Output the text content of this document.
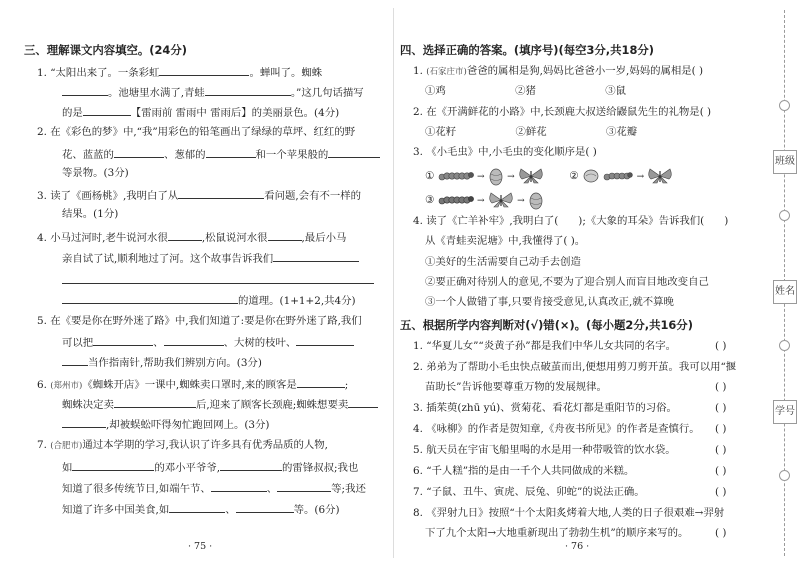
三、理解课文内容填空。(24分)
1. “太阳出来了。一条彩虹	。蝉叫了。蜘蛛
。池塘里水满了,青蛙	。”这几句话描写
的是	【雷雨前 雷雨中 雷雨后】的美丽景色。(4分)
2. 在《彩色的梦》中,“我”用彩色的铅笔画出了绿绿的草坪、红红的野
花、蓝蓝的	、葱郁的	和一个苹果般的
等景物。(3分)
3. 读了《画杨桃》,我明白了从	看问题,会有不一样的
结果。(1分)
4. 小马过河时,老牛说河水很	,松鼠说河水很	,最后小马
亲自试了试,顺利地过了河。这个故事告诉我们
的道理。(1+1+2,共4分)
5. 在《要是你在野外迷了路》中,我们知道了:要是你在野外迷了路,我们
可以把	、	、大树的枝叶、
当作指南针,帮助我们辨别方向。(3分)
6. (郑州市)《蜘蛛开店》一课中,蜘蛛卖口罩时,来的顾客是	;
蜘蛛决定卖	后,迎来了顾客长颈鹿;蜘蛛想要卖
,却被蜈蚣吓得匆忙跑回网上。(3分)
7. (合肥市)通过本学期的学习,我认识了许多具有优秀品质的人物,
如	的邓小平爷爷,	的雷锋叔叔;我也
知道了很多传统节日,如端午节、	、	等;我还
知道了许多中国美食,如	、	等。(6分)
· 75 ·
四、选择正确的答案。(填序号)(每空3分,共18分)
1. (石家庄市)爸爸的属相是狗,妈妈比爸爸小一岁,妈妈的属相是( )
①鸡	②猪	③鼠
2. 在《开满鲜花的小路》中,长颈鹿大叔送给鼹鼠先生的礼物是( )
①花籽	②鲜花	③花瓣
3. 《小毛虫》中,小毛虫的变化顺序是( )
①	→	→	②	→
③	→	→
4. 读了《亡羊补牢》,我明白了( );《大象的耳朵》告诉我们( )
从《青蛙卖泥塘》中,我懂得了( )。
①美好的生活需要自己动手去创造
②要正确对待别人的意见,不要为了迎合别人而盲目地改变自己
③一个人做错了事,只要肯接受意见,认真改正,就不算晚
五、根据所学内容判断对(√)错(×)。(每小题2分,共16分)
1. “华夏儿女”“炎黄子孙”都是我们中华儿女共同的名字。	( )
2. 弟弟为了帮助小毛虫快点破茧而出,便想用剪刀剪开茧。我可以用“揠
苗助长”告诉他要尊重万物的发展规律。	( )
3. 插茱萸(zhū yú)、赏菊花、看花灯都是重阳节的习俗。	( )
4. 《咏柳》的作者是贺知章,《舟夜书所见》的作者是查慎行。 ( )
5. 航天员在宇宙飞船里喝的水是用一种带吸管的饮水袋。	( )
6. “千人糕”指的是由一千个人共同做成的米糕。	( )
7. “子鼠、丑牛、寅虎、辰兔、卯蛇”的说法正确。	( )
8. 《羿射九日》按照“十个太阳炙烤着大地,人类的日子很艰难→羿射
下了九个太阳→大地重新现出了勃勃生机”的顺序来写的。	( )
· 76 ·
班级
姓名
学号
